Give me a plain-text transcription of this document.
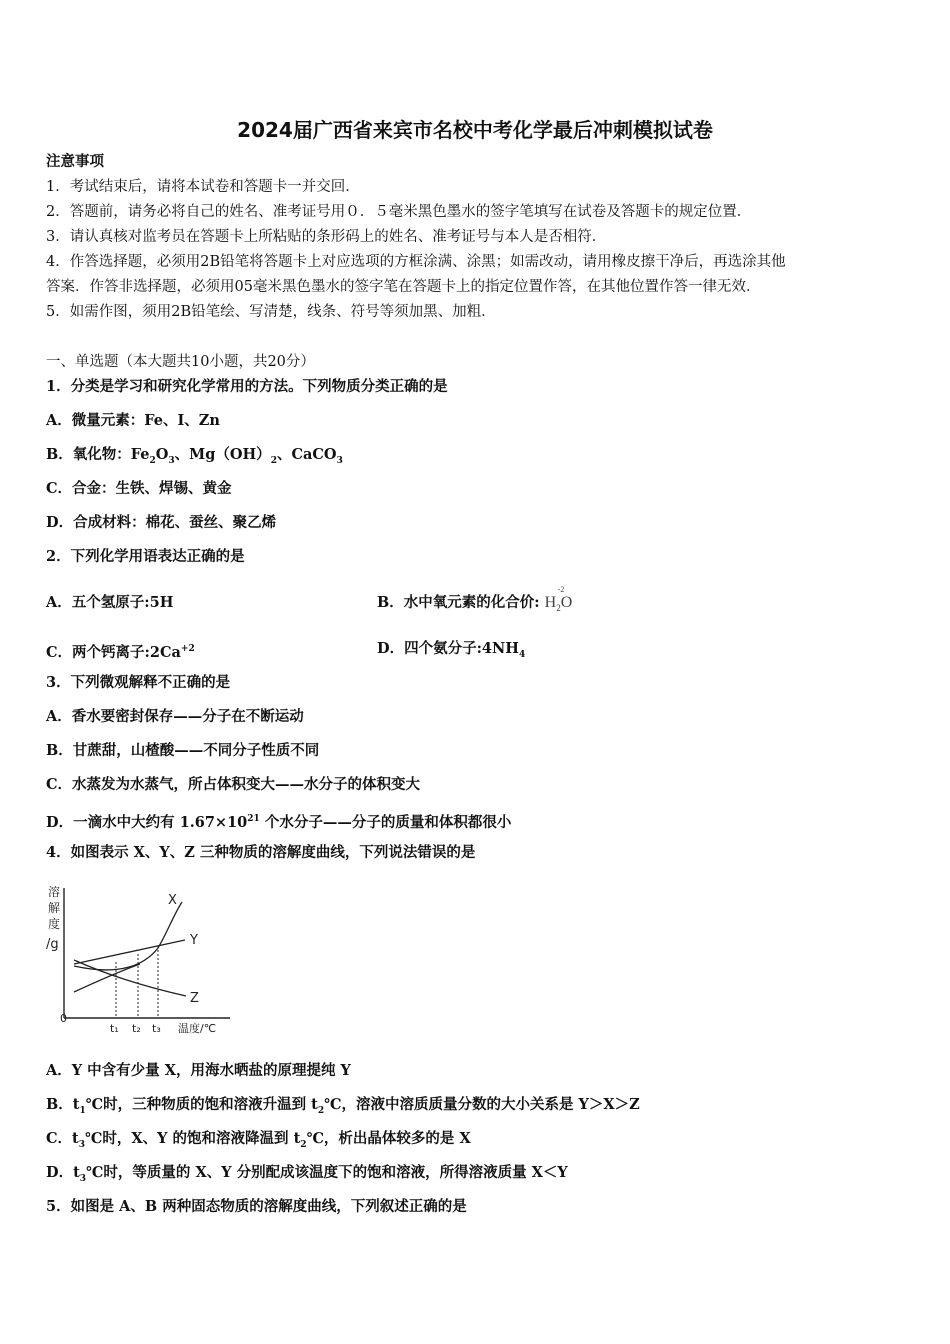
2024届广西省来宾市名校中考化学最后冲刺模拟试卷
注意事项
1．考试结束后，请将本试卷和答题卡一并交回．
2．答题前，请务必将自己的姓名、准考证号用０．５毫米黑色墨水的签字笔填写在试卷及答题卡的规定位置．
3．请认真核对监考员在答题卡上所粘贴的条形码上的姓名、准考证号与本人是否相符．
4．作答选择题，必须用2B铅笔将答题卡上对应选项的方框涂满、涂黑；如需改动，请用橡皮擦干净后，再选涂其他
答案．作答非选择题，必须用05毫米黑色墨水的签字笔在答题卡上的指定位置作答，在其他位置作答一律无效．
5．如需作图，须用2B铅笔绘、写清楚，线条、符号等须加黑、加粗．
一、单选题（本大题共10小题，共20分）
1．分类是学习和研究化学常用的方法。下列物质分类正确的是
A．微量元素：Fe、I、Zn
B．氧化物：$Fe_2O_3$、$Mg(OH)_2$、CaCO$_3$
C．合金：生铁、焊锡、黄金
D．合成材料：棉花、蚕丝、聚乙烯
2．下列化学用语表达正确的是
A．五个氢原子:5H	B．水中氧元素的化合价: $H_2O$
-2
C．两个钙离子$:2Ca^{+2}$	D．四个氨分子$:4NH_4$
3．下列微观解释不正确的是
A．香水要密封保存——分子在不断运动
B．甘蔗甜，山楂酸——不同分子性质不同
C．水蒸发为水蒸气，所占体积变大——水分子的体积变大
D．一滴水中大约有 $1.67\times 10^{21}$ 个水分子——分子的质量和体积都很小
4．如图表示 X、Y、Z 三种物质的溶解度曲线，下列说法错误的是
溶
解
度
/g
0
X
Y
Z
t₁ t₂ t₃ 温度/℃
A．Y 中含有少量 X，用海水晒盐的原理提纯 Y
B．$t_1℃$时，三种物质的饱和溶液升温到 $t_2℃$，溶液中溶质质量分数的大小关系是 Y＞X＞Z
C．$t_3℃$时，X、Y 的饱和溶液降温到 $t_2℃$，析出晶体较多的是 X
D．$t_3℃$时，等质量的 X、Y 分别配成该温度下的饱和溶液，所得溶液质量 X＜Y
5．如图是 A、B 两种固态物质的溶解度曲线，下列叙述正确的是
